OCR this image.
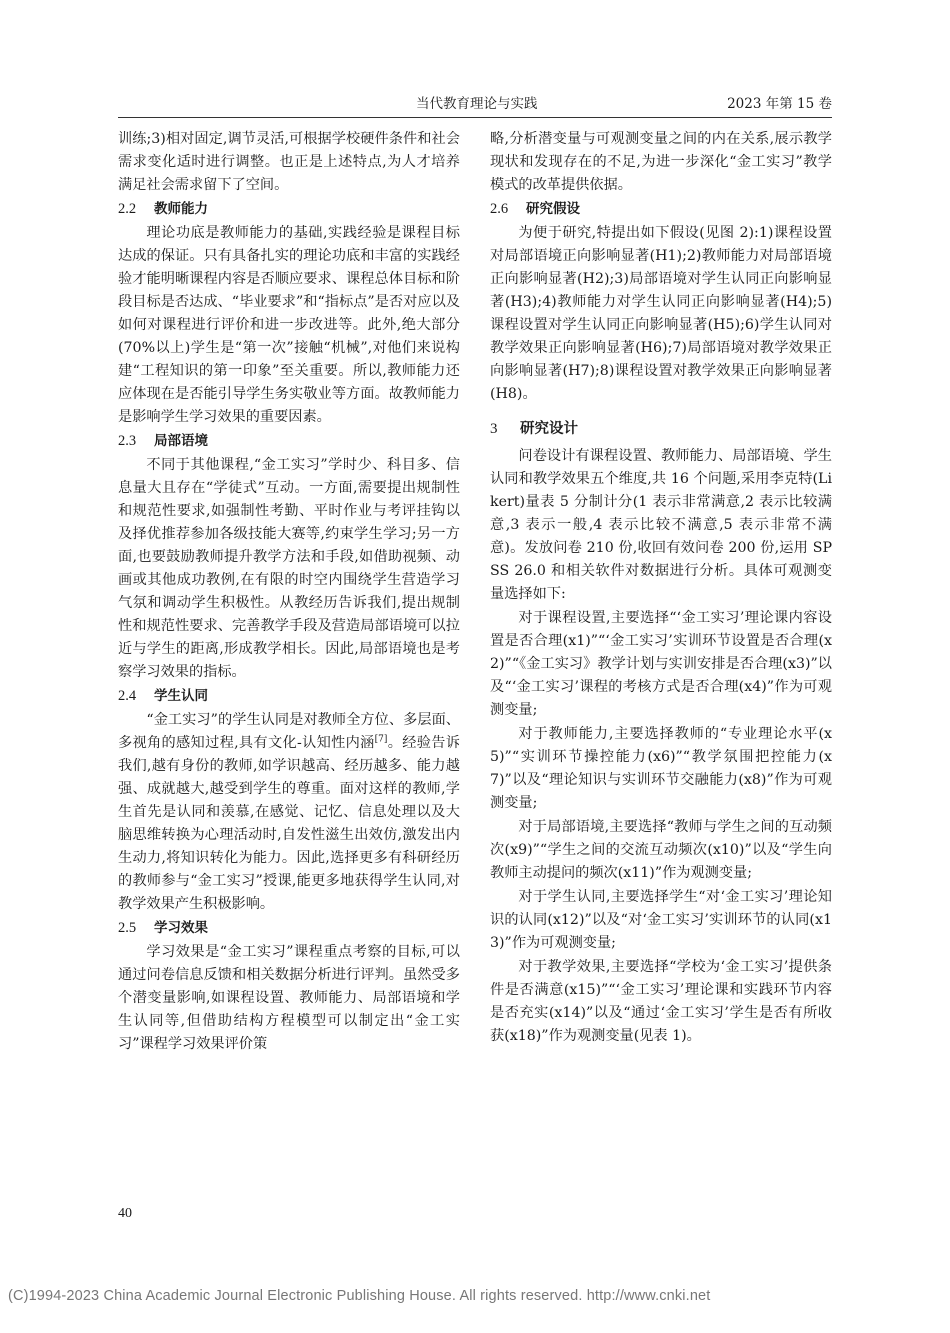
当代教育理论与实践	2023 年第 15 卷

训练;3)相对固定,调节灵活,可根据学校硬件条件和社会需求变化适时进行调整。也正是上述特点,为人才培养满足社会需求留下了空间。

2.2 教师能力

理论功底是教师能力的基础,实践经验是课程目标达成的保证。只有具备扎实的理论功底和丰富的实践经验才能明晰课程内容是否顺应要求、课程总体目标和阶段目标是否达成、“毕业要求”和“指标点”是否对应以及如何对课程进行评价和进一步改进等。此外,绝大部分(70%以上)学生是“第一次”接触“机械”,对他们来说构建“工程知识的第一印象”至关重要。所以,教师能力还应体现在是否能引导学生务实敬业等方面。故教师能力是影响学生学习效果的重要因素。

2.3 局部语境

不同于其他课程,“金工实习”学时少、科目多、信息量大且存在“学徒式”互动。一方面,需要提出规制性和规范性要求,如强制性考勤、平时作业与考评挂钩以及择优推荐参加各级技能大赛等,约束学生学习;另一方面,也要鼓励教师提升教学方法和手段,如借助视频、动画或其他成功教例,在有限的时空内围绕学生营造学习气氛和调动学生积极性。从教经历告诉我们,提出规制性和规范性要求、完善教学手段及营造局部语境可以拉近与学生的距离,形成教学相长。因此,局部语境也是考察学习效果的指标。

2.4 学生认同

“金工实习”的学生认同是对教师全方位、多层面、多视角的感知过程,具有文化-认知性内涵[7]。经验告诉我们,越有身份的教师,如学识越高、经历越多、能力越强、成就越大,越受到学生的尊重。面对这样的教师,学生首先是认同和羡慕,在感觉、记忆、信息处理以及大脑思维转换为心理活动时,自发性滋生出效仿,激发出内生动力,将知识转化为能力。因此,选择更多有科研经历的教师参与“金工实习”授课,能更多地获得学生认同,对教学效果产生积极影响。

2.5 学习效果

学习效果是“金工实习”课程重点考察的目标,可以通过问卷信息反馈和相关数据分析进行评判。虽然受多个潜变量影响,如课程设置、教师能力、局部语境和学生认同等,但借助结构方程模型可以制定出“金工实习”课程学习效果评价策

略,分析潜变量与可观测变量之间的内在关系,展示教学现状和发现存在的不足,为进一步深化“金工实习”教学模式的改革提供依据。

2.6 研究假设

为便于研究,特提出如下假设(见图 2):1)课程设置对局部语境正向影响显著(H1);2)教师能力对局部语境正向影响显著(H2);3)局部语境对学生认同正向影响显著(H3);4)教师能力对学生认同正向影响显著(H4);5)课程设置对学生认同正向影响显著(H5);6)学生认同对教学效果正向影响显著(H6);7)局部语境对教学效果正向影响显著(H7);8)课程设置对教学效果正向影响显著(H8)。

3 研究设计

问卷设计有课程设置、教师能力、局部语境、学生认同和教学效果五个维度,共 16 个问题,采用李克特(Likert)量表 5 分制计分(1 表示非常满意,2 表示比较满意,3 表示一般,4 表示比较不满意,5 表示非常不满意)。发放问卷 210 份,收回有效问卷 200 份,运用 SPSS 26.0 和相关软件对数据进行分析。具体可观测变量选择如下:

对于课程设置,主要选择“‘金工实习’理论课内容设置是否合理(x1)”“‘金工实习’实训环节设置是否合理(x2)”“《金工实习》教学计划与实训安排是否合理(x3)”以及“‘金工实习’课程的考核方式是否合理(x4)”作为可观测变量;

对于教师能力,主要选择教师的“专业理论水平(x5)”“实训环节操控能力(x6)”“教学氛围把控能力(x7)”以及“理论知识与实训环节交融能力(x8)”作为可观测变量;

对于局部语境,主要选择“教师与学生之间的互动频次(x9)”“学生之间的交流互动频次(x10)”以及“学生向教师主动提问的频次(x11)”作为观测变量;

对于学生认同,主要选择学生“对‘金工实习’理论知识的认同(x12)”以及“对‘金工实习’实训环节的认同(x13)”作为可观测变量;

对于教学效果,主要选择“学校为‘金工实习’提供条件是否满意(x15)”“‘金工实习’理论课和实践环节内容是否充实(x14)”以及“通过‘金工实习’学生是否有所收获(x18)”作为观测变量(见表 1)。

40
(C)1994-2023 China Academic Journal Electronic Publishing House. All rights reserved. http://www.cnki.net
